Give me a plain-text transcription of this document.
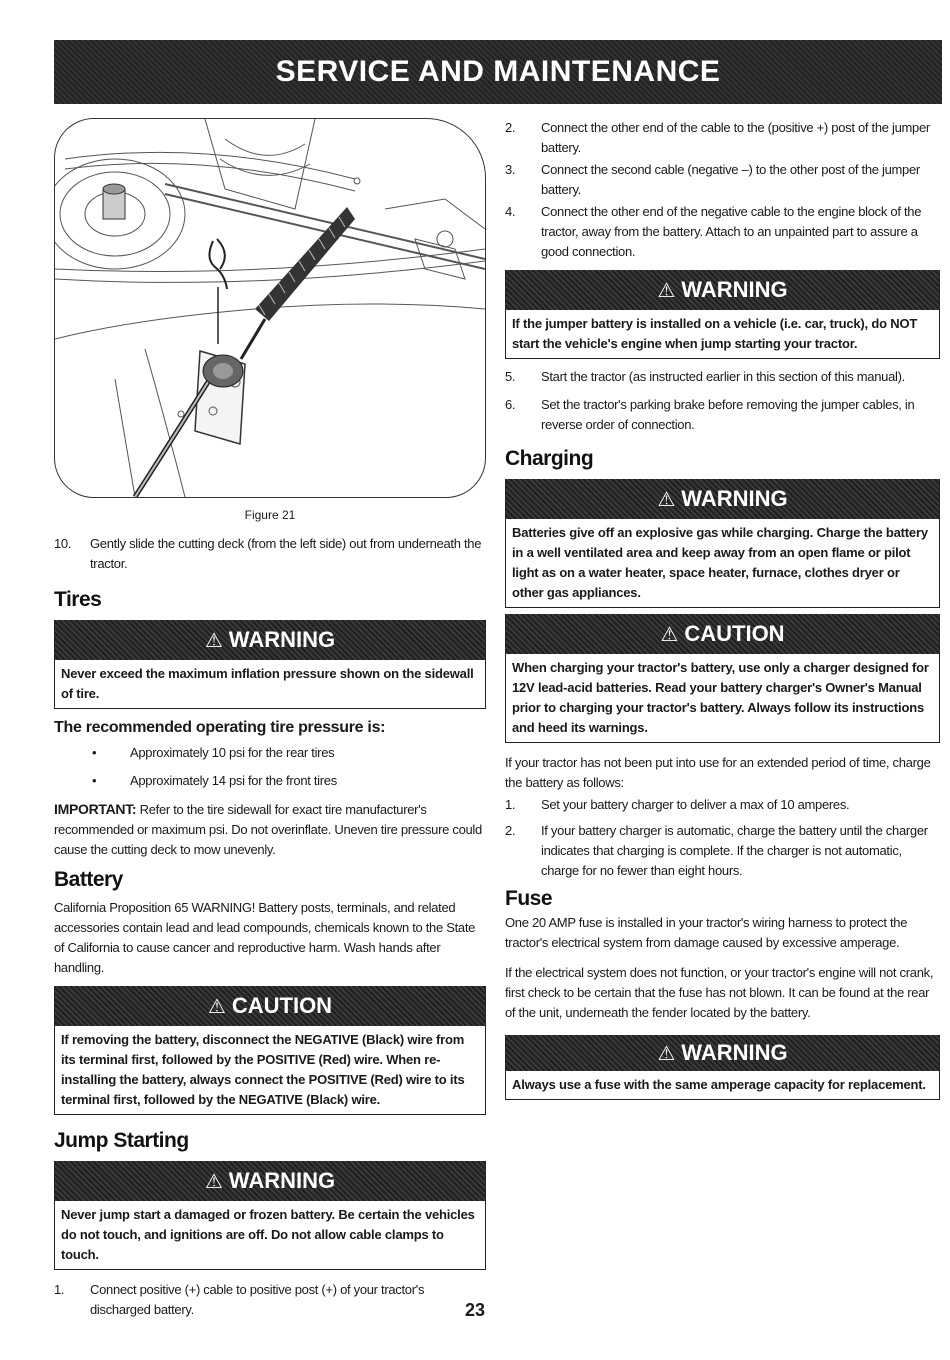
SERVICE AND MAINTENANCE
Figure 21
10. Gently slide the cutting deck (from the left side) out from underneath the tractor.
Tires
⚠ WARNING
Never exceed the maximum inflation pressure shown on the sidewall of tire.
The recommended operating tire pressure is:
•	Approximately 10 psi for the rear tires
•	Approximately 14 psi for the front tires
IMPORTANT: Refer to the tire sidewall for exact tire manufacturer's recommended or maximum psi. Do not overinflate. Uneven tire pressure could cause the cutting deck to mow unevenly.
Battery
California Proposition 65 WARNING! Battery posts, terminals, and related accessories contain lead and lead compounds, chemicals known to the State of California to cause cancer and reproductive harm. Wash hands after handling.
⚠ CAUTION
If removing the battery, disconnect the NEGATIVE (Black) wire from its terminal first, followed by the POSITIVE (Red) wire. When re-installing the battery, always connect the POSITIVE (Red) wire to its terminal first, followed by the NEGATIVE (Black) wire.
Jump Starting
⚠ WARNING
Never jump start a damaged or frozen battery. Be certain the vehicles do not touch, and ignitions are off. Do not allow cable clamps to touch.
1. Connect positive (+) cable to positive post (+) of your tractor's discharged battery.
2. Connect the other end of the cable to the (positive +) post of the jumper battery.
3. Connect the second cable (negative –) to the other post of the jumper battery.
4. Connect the other end of the negative cable to the engine block of the tractor, away from the battery. Attach to an unpainted part to assure a good connection.
⚠ WARNING
If the jumper battery is installed on a vehicle (i.e. car, truck), do NOT start the vehicle's engine when jump starting your tractor.
5. Start the tractor (as instructed earlier in this section of this manual).
6. Set the tractor's parking brake before removing the jumper cables, in reverse order of connection.
Charging
⚠ WARNING
Batteries give off an explosive gas while charging. Charge the battery in a well ventilated area and keep away from an open flame or pilot light as on a water heater, space heater, furnace, clothes dryer or other gas appliances.
⚠ CAUTION
When charging your tractor's battery, use only a charger designed for 12V lead-acid batteries. Read your battery charger's Owner's Manual prior to charging your tractor's battery. Always follow its instructions and heed its warnings.
If your tractor has not been put into use for an extended period of time, charge the battery as follows:
1. Set your battery charger to deliver a max of 10 amperes.
2. If your battery charger is automatic, charge the battery until the charger indicates that charging is complete. If the charger is not automatic, charge for no fewer than eight hours.
Fuse
One 20 AMP fuse is installed in your tractor's wiring harness to protect the tractor's electrical system from damage caused by excessive amperage.
If the electrical system does not function, or your tractor's engine will not crank, first check to be certain that the fuse has not blown. It can be found at the rear of the unit, underneath the fender located by the battery.
⚠ WARNING
Always use a fuse with the same amperage capacity for replacement.
23
